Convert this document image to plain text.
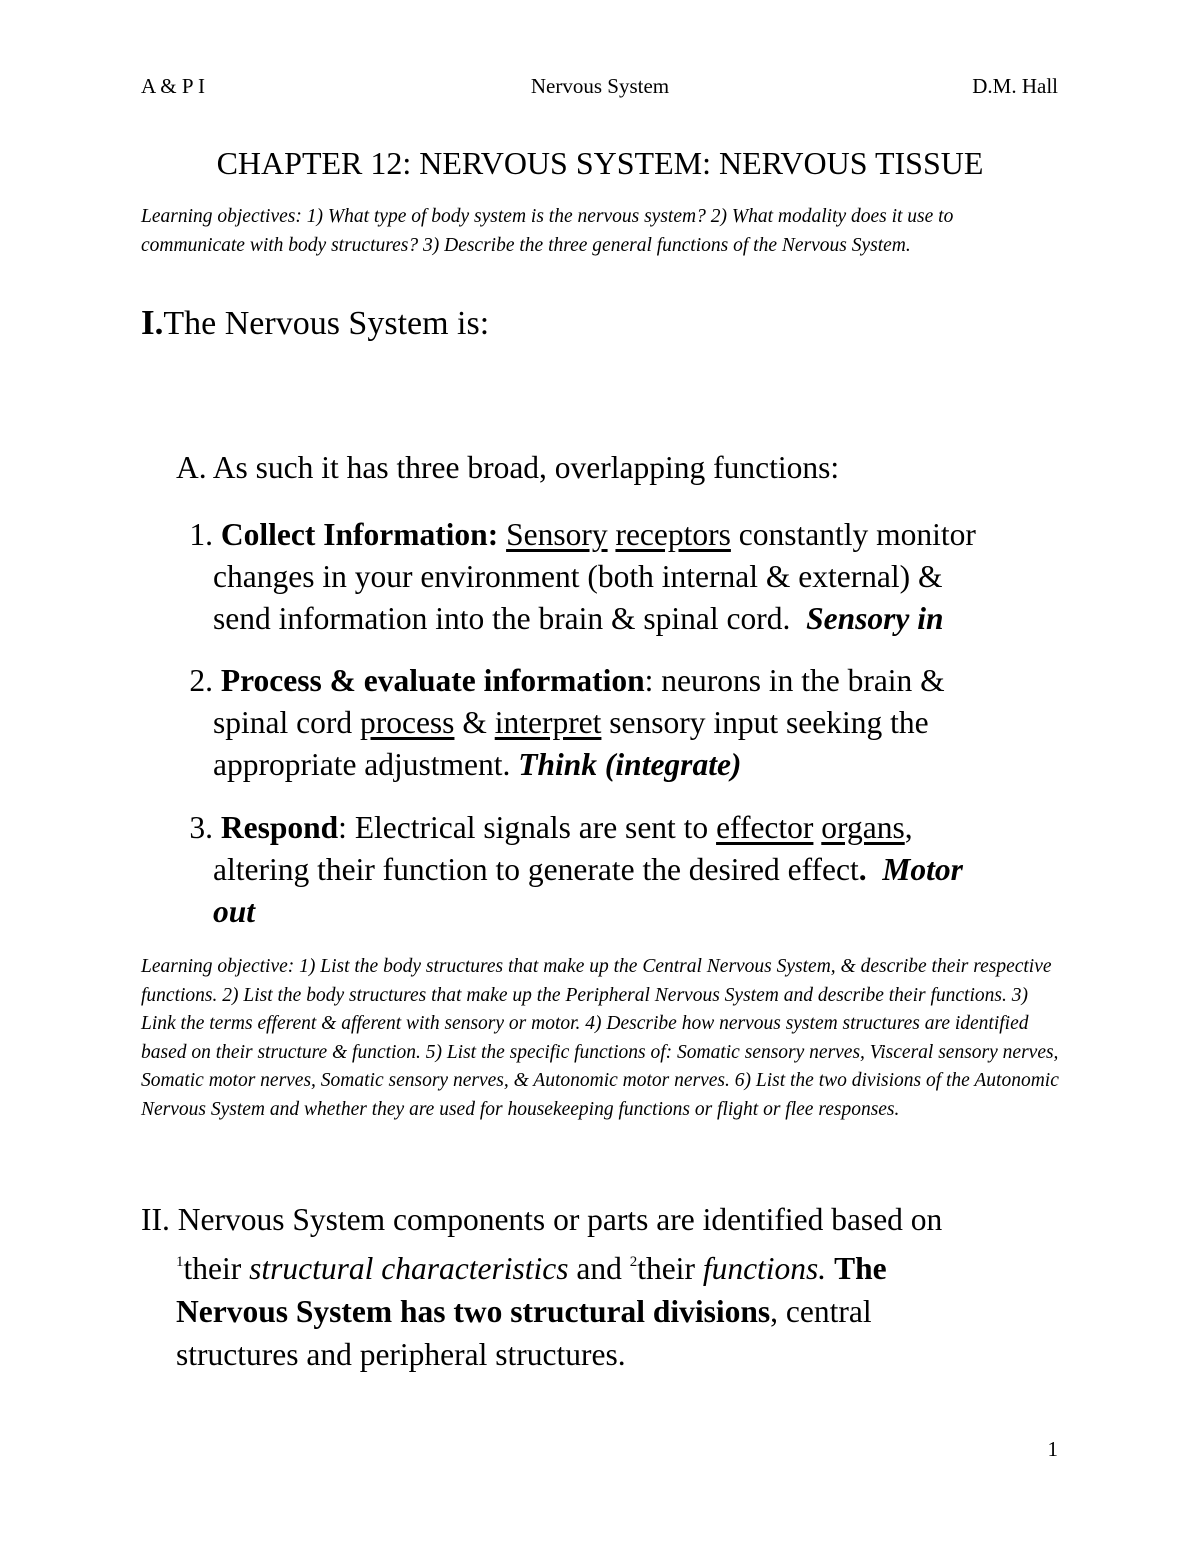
A & P I	Nervous System	D.M. Hall
CHAPTER 12: NERVOUS SYSTEM: NERVOUS TISSUE
Learning objectives: 1) What type of body system is the nervous system? 2) What modality does it use to communicate with body structures? 3) Describe the three general functions of the Nervous System.
I.The Nervous System is:
A. As such it has three broad, overlapping functions:
1. Collect Information: Sensory receptors constantly monitor
changes in your environment (both internal & external) &
send information into the brain & spinal cord. Sensory in
2. Process & evaluate information: neurons in the brain &
spinal cord process & interpret sensory input seeking the
appropriate adjustment. Think (integrate)
3. Respond: Electrical signals are sent to effector organs,
altering their function to generate the desired effect. Motor
out
Learning objective: 1) List the body structures that make up the Central Nervous System, & describe their respective functions. 2) List the body structures that make up the Peripheral Nervous System and describe their functions. 3) Link the terms efferent & afferent with sensory or motor. 4) Describe how nervous system structures are identified based on their structure & function. 5) List the specific functions of: Somatic sensory nerves, Visceral sensory nerves, Somatic motor nerves, Somatic sensory nerves, & Autonomic motor nerves. 6) List the two divisions of the Autonomic Nervous System and whether they are used for housekeeping functions or flight or flee responses.
II. Nervous System components or parts are identified based on
$^1$their structural characteristics and $^2$their functions. The
Nervous System has two structural divisions, central
structures and peripheral structures.
1
